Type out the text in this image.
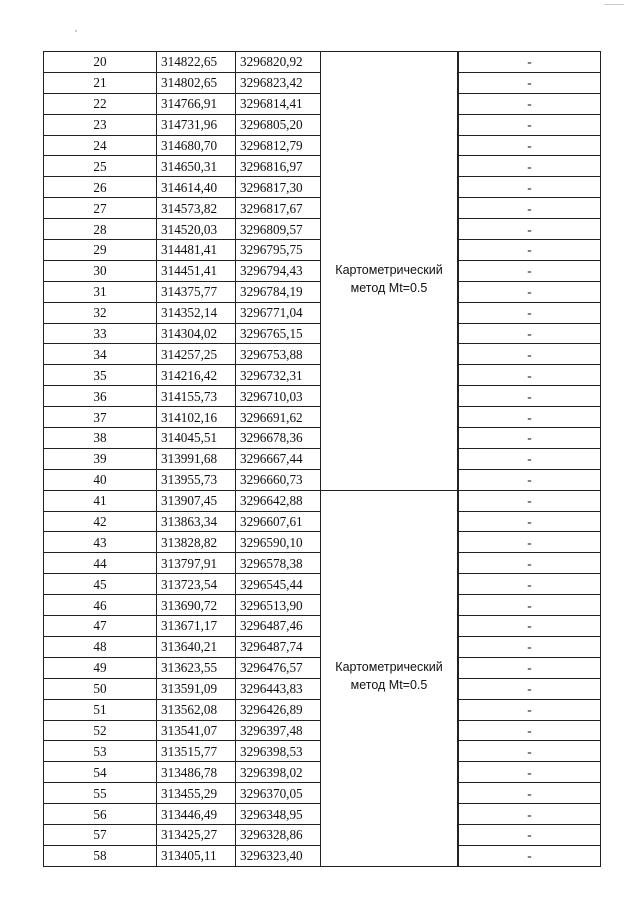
20	314822,65	3296820,92			-
21	314802,65	3296823,42			-
22	314766,91	3296814,41			-
23	314731,96	3296805,20			-
24	314680,70	3296812,79			-
25	314650,31	3296816,97			-
26	314614,40	3296817,30			-
27	314573,82	3296817,67			-
28	314520,03	3296809,57			-
29	314481,41	3296795,75			-
30	314451,41	3296794,43	Картометрический метод Mt=0.5		-
31	314375,77	3296784,19			-
32	314352,14	3296771,04			-
33	314304,02	3296765,15			-
34	314257,25	3296753,88			-
35	314216,42	3296732,31			-
36	314155,73	3296710,03			-
37	314102,16	3296691,62			-
38	314045,51	3296678,36			-
39	313991,68	3296667,44			-
40	313955,73	3296660,73			-
41	313907,45	3296642,88			-
42	313863,34	3296607,61			-
43	313828,82	3296590,10			-
44	313797,91	3296578,38			-
45	313723,54	3296545,44			-
46	313690,72	3296513,90			-
47	313671,17	3296487,46			-
48	313640,21	3296487,74			-
49	313623,55	3296476,57	Картометрический метод Mt=0.5		-
50	313591,09	3296443,83			-
51	313562,08	3296426,89			-
52	313541,07	3296397,48			-
53	313515,77	3296398,53			-
54	313486,78	3296398,02			-
55	313455,29	3296370,05			-
56	313446,49	3296348,95			-
57	313425,27	3296328,86			-
58	313405,11	3296323,40			-
